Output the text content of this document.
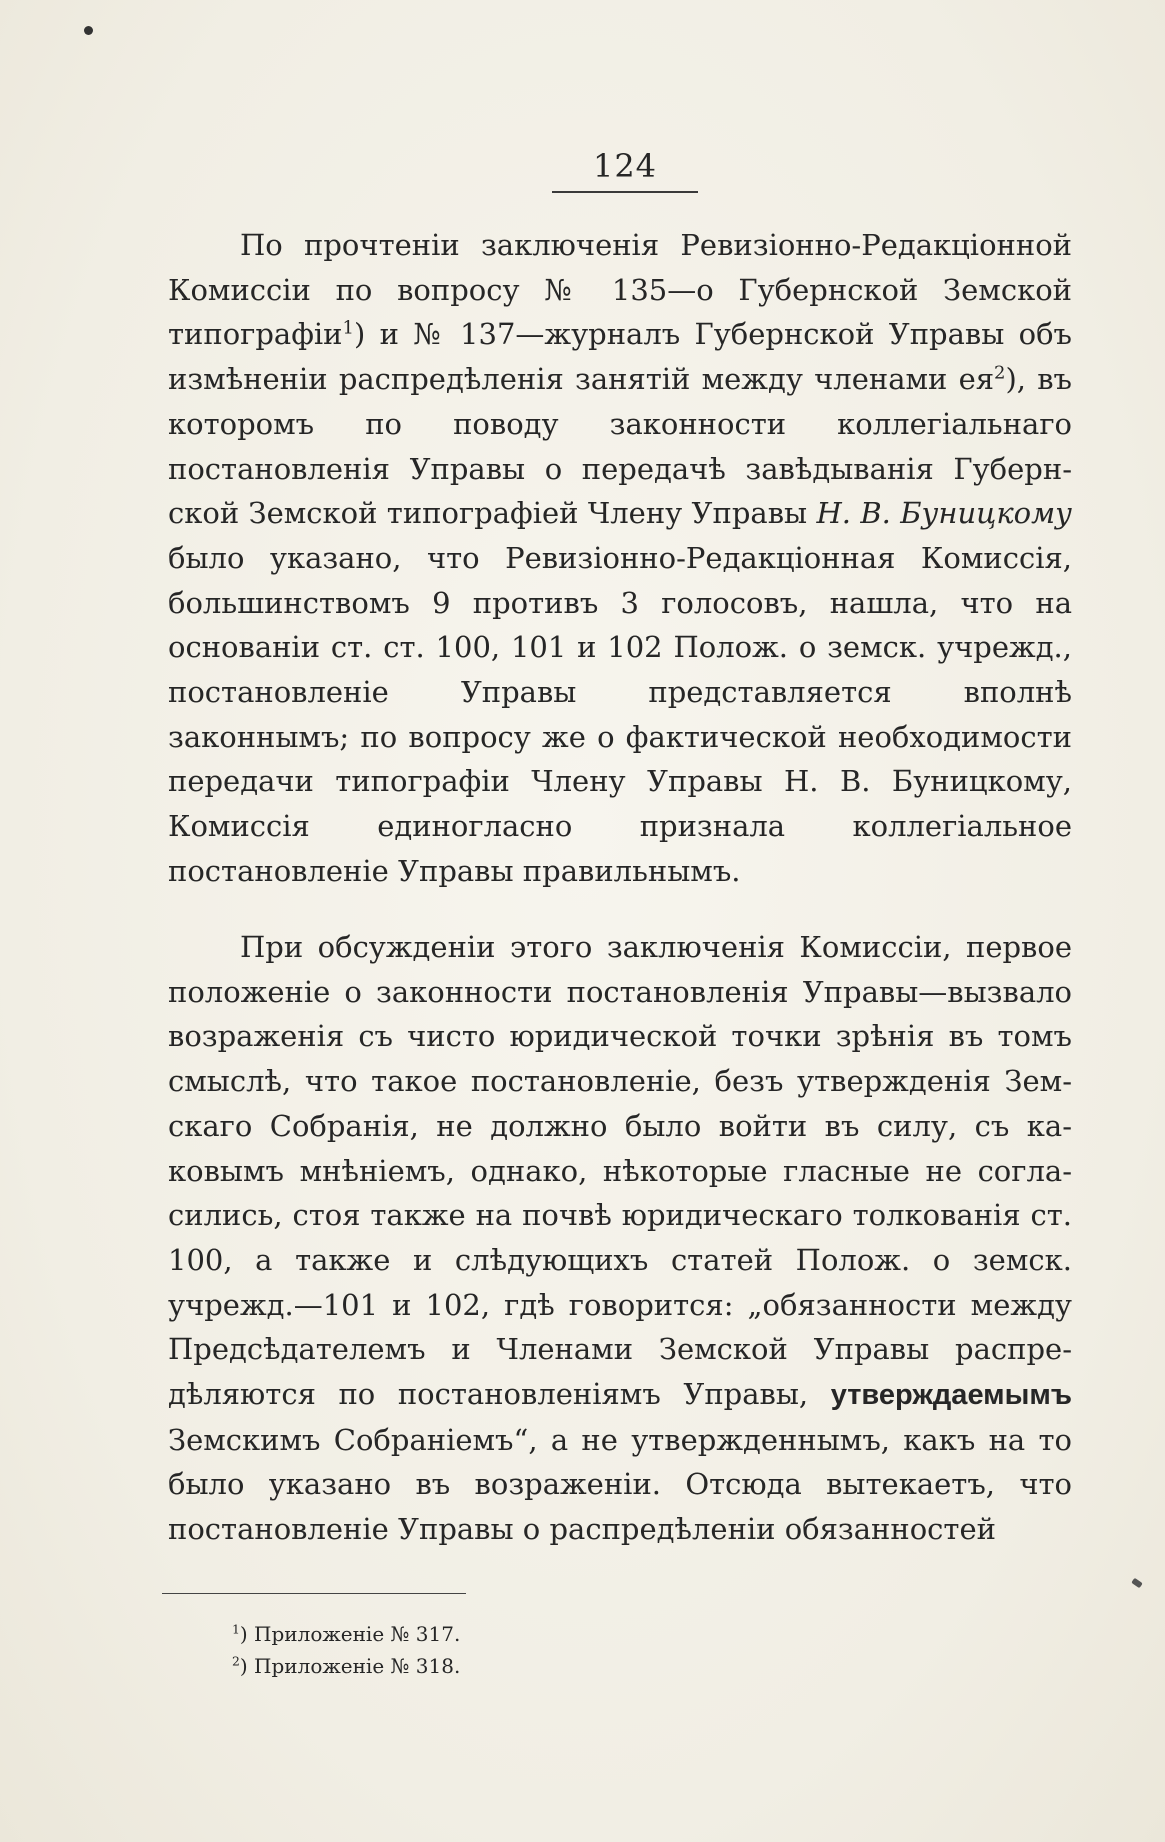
124

По прочтеніи заключенія Ревизіонно-Редакціонной Комиссіи по вопросу № 135—о Губернской Земской типографіи$^1$) и № 137—журналъ Губернской Управы объ измѣненіи распредѣленія занятій между членами $ея^2$), въ которомъ по поводу законности коллегіальнаго постановленія Управы о передачѣ завѣдыванія Губернской Земской типографіей Члену Управы Н. В. Буницкому было указано, что Ревизіонно-Редакціонная Комиссія, большинствомъ 9 противъ 3 голосовъ, нашла, что на основаніи ст. ст. 100, 101 и 102 Полож. о земск. учрежд., постановленіе Управы представляется вполнѣ законнымъ; по вопросу же о фактической необходимости передачи типографіи Члену Управы Н. В. Буницкому, Комиссія единогласно признала коллегіальное постановленіе Управы правильнымъ.

При обсужденіи этого заключенія Комиссіи, первое положеніе о законности постановленія Управы—вызвало возраженія съ чисто юридической точки зрѣнія въ томъ смыслѣ, что такое постановленіе, безъ утвержденія Земскаго Собранія, не должно было войти въ силу, съ каковымъ мнѣніемъ, однако, нѣкоторые гласные не согласились, стоя также на почвѣ юридическаго толкованія ст. 100, а также и слѣдующихъ статей Полож. о земск. учрежд.—101 и 102, гдѣ говорится: „обязанности между Предсѣдателемъ и Членами Земской Управы распредѣляются по постановленіямъ Управы, утверждаемымъ Земскимъ Собраніемъ“, а не утвержденнымъ, какъ на то было указано въ возраженіи. Отсюда вытекаетъ, что постановленіе Управы о распредѣленіи обязанностей

$^1$) Приложеніе № 317.

$^2$) Приложеніе № 318.
